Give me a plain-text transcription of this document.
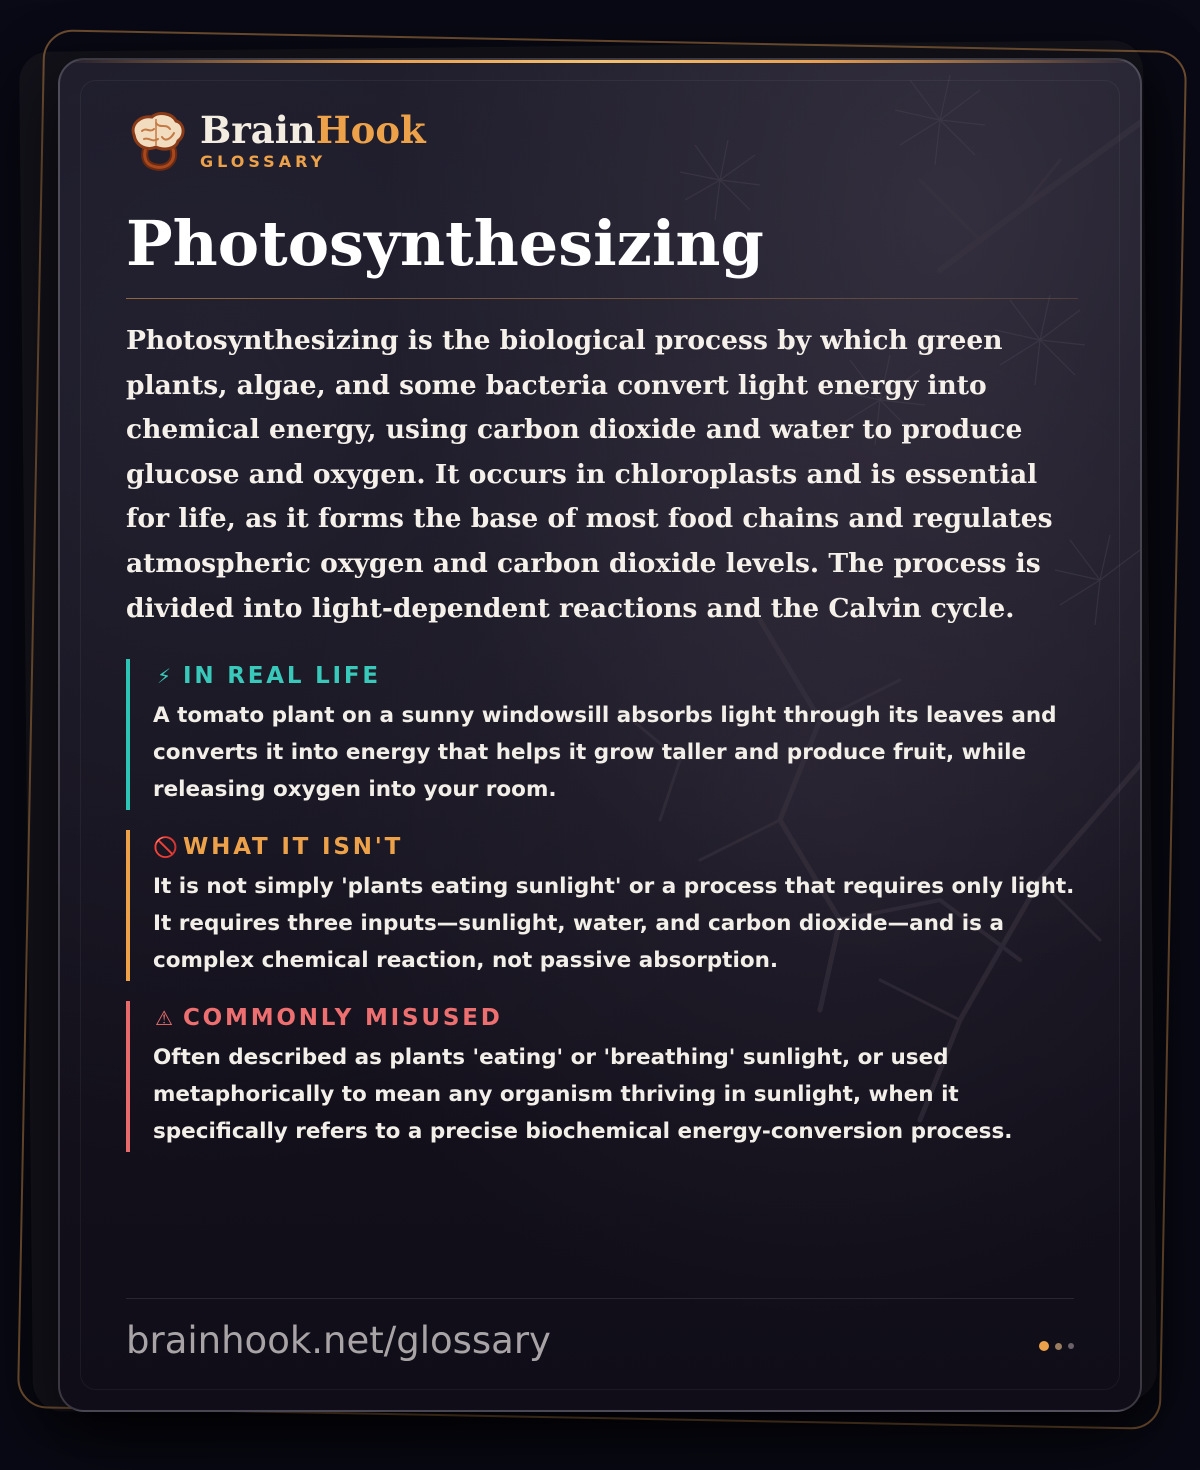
BrainHook
GLOSSARY
Photosynthesizing
Photosynthesizing is the biological process by which green plants, algae, and some bacteria convert light energy into chemical energy, using carbon dioxide and water to produce glucose and oxygen. It occurs in chloroplasts and is essential for life, as it forms the base of most food chains and regulates atmospheric oxygen and carbon dioxide levels. The process is divided into light-dependent reactions and the Calvin cycle.
⚡ IN REAL LIFE
A tomato plant on a sunny windowsill absorbs light through its leaves and converts it into energy that helps it grow taller and produce fruit, while releasing oxygen into your room.
🚫 WHAT IT ISN'T
It is not simply 'plants eating sunlight' or a process that requires only light. It requires three inputs—sunlight, water, and carbon dioxide—and is a complex chemical reaction, not passive absorption.
⚠ COMMONLY MISUSED
Often described as plants 'eating' or 'breathing' sunlight, or used metaphorically to mean any organism thriving in sunlight, when it specifically refers to a precise biochemical energy-conversion process.
brainhook.net/glossary
